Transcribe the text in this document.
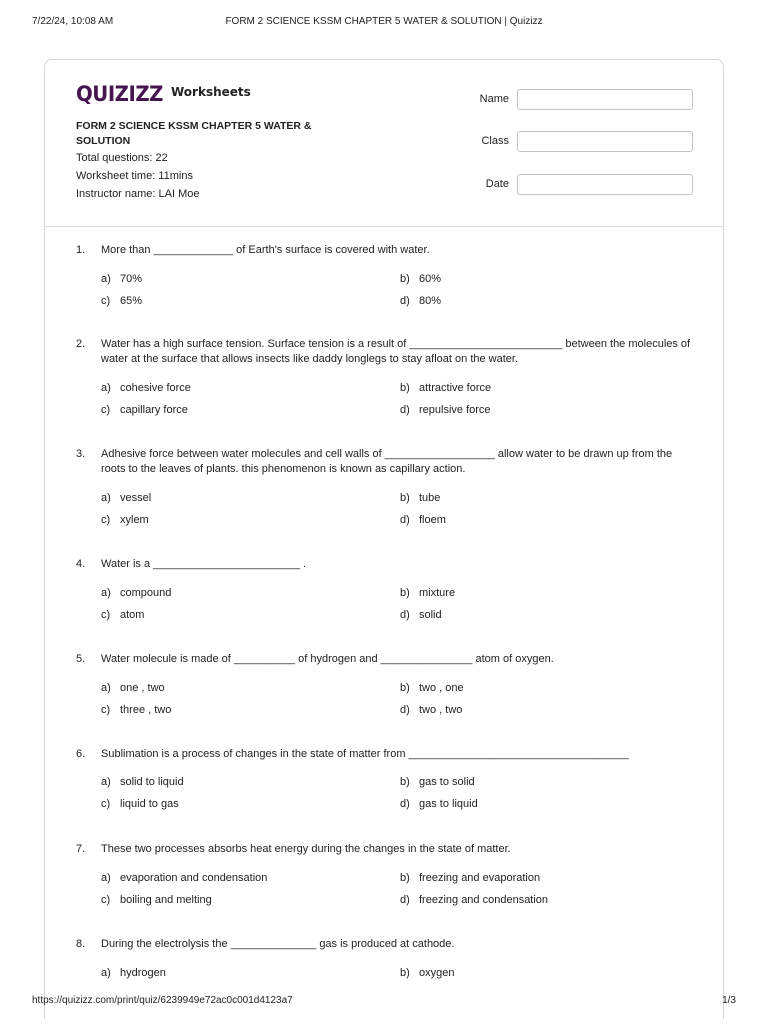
7/22/24, 10:08 AM	FORM 2 SCIENCE KSSM CHAPTER 5 WATER & SOLUTION | Quizizz
QUIZIZZ Worksheets
FORM 2 SCIENCE KSSM CHAPTER 5 WATER & SOLUTION
Total questions: 22
Worksheet time: 11mins
Instructor name: LAI Moe
Name
Class
Date
1. More than _____________ of Earth's surface is covered with water.
a) 70%	b) 60%
c) 65%	d) 80%
2. Water has a high surface tension. Surface tension is a result of _________________________ between the molecules of water at the surface that allows insects like daddy longlegs to stay afloat on the water.
a) cohesive force	b) attractive force
c) capillary force	d) repulsive force
3. Adhesive force between water molecules and cell walls of __________________ allow water to be drawn up from the roots to the leaves of plants. this phenomenon is known as capillary action.
a) vessel	b) tube
c) xylem	d) floem
4. Water is a ________________________ .
a) compound	b) mixture
c) atom	d) solid
5. Water molecule is made of __________ of hydrogen and _______________ atom of oxygen.
a) one , two	b) two , one
c) three , two	d) two , two
6. Sublimation is a process of changes in the state of matter from ____________________________________
a) solid to liquid	b) gas to solid
c) liquid to gas	d) gas to liquid
7. These two processes absorbs heat energy during the changes in the state of matter.
a) evaporation and condensation	b) freezing and evaporation
c) boiling and melting	d) freezing and condensation
8. During the electrolysis the ______________ gas is produced at cathode.
a) hydrogen	b) oxygen
https://quizizz.com/print/quiz/6239949e72ac0c001d4123a7	1/3
